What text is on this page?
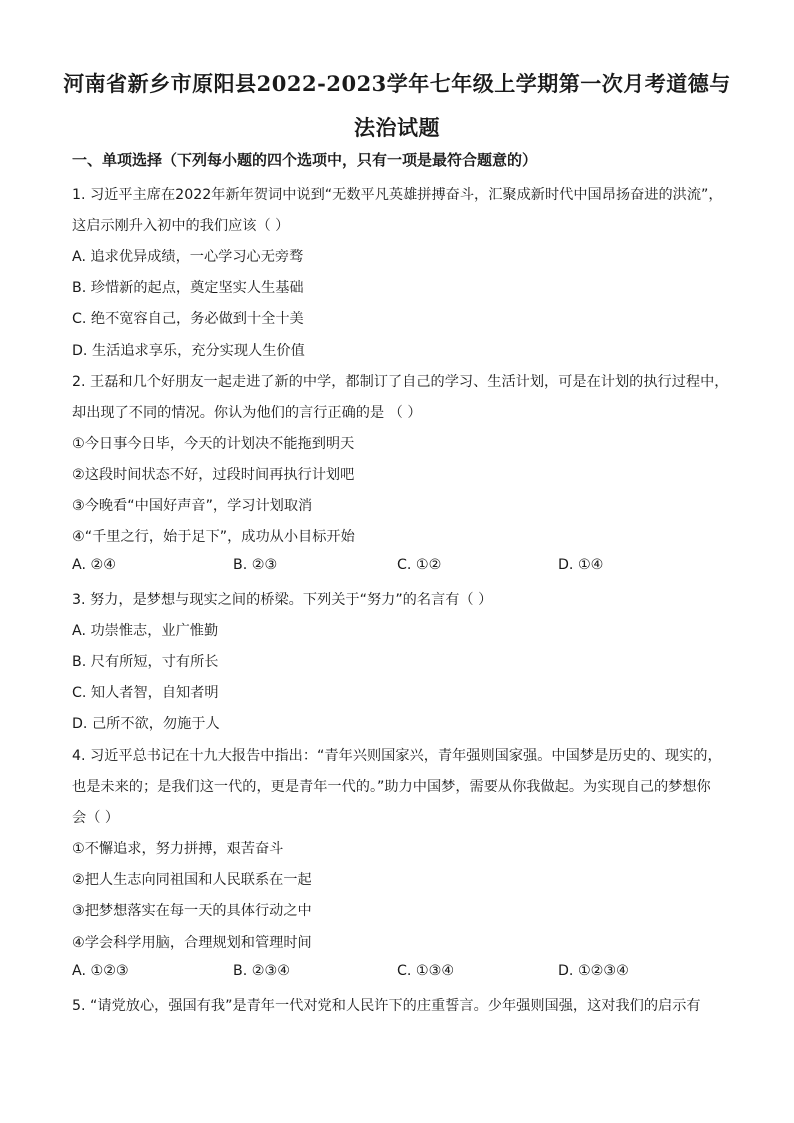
河南省新乡市原阳县2022-2023学年七年级上学期第一次月考道德与
法治试题
一、单项选择（下列每小题的四个选项中，只有一项是最符合题意的）
1. 习近平主席在2022年新年贺词中说到“无数平凡英雄拼搏奋斗，汇聚成新时代中国昂扬奋进的洪流”，
这启示刚升入初中的我们应该（ ）
A. 追求优异成绩，一心学习心无旁骛
B. 珍惜新的起点，奠定坚实人生基础
C. 绝不宽容自己，务必做到十全十美
D. 生活追求享乐，充分实现人生价值
2. 王磊和几个好朋友一起走进了新的中学，都制订了自己的学习、生活计划，可是在计划的执行过程中，
却出现了不同的情况。你认为他们的言行正确的是 （ ）
①今日事今日毕，今天的计划决不能拖到明天
②这段时间状态不好，过段时间再执行计划吧
③今晚看“中国好声音”，学习计划取消
④“千里之行，始于足下”，成功从小目标开始
A. ②④	B. ②③	C. ①②	D. ①④
3. 努力，是梦想与现实之间的桥梁。下列关于“努力”的名言有（ ）
A. 功崇惟志，业广惟勤
B. 尺有所短，寸有所长
C. 知人者智，自知者明
D. 己所不欲，勿施于人
4. 习近平总书记在十九大报告中指出：“青年兴则国家兴，青年强则国家强。中国梦是历史的、现实的，
也是未来的；是我们这一代的，更是青年一代的。”助力中国梦，需要从你我做起。为实现自己的梦想你
会（ ）
①不懈追求，努力拼搏，艰苦奋斗
②把人生志向同祖国和人民联系在一起
③把梦想落实在每一天的具体行动之中
④学会科学用脑，合理规划和管理时间
A. ①②③	B. ②③④	C. ①③④	D. ①②③④
5. “请党放心，强国有我”是青年一代对党和人民许下的庄重誓言。少年强则国强，这对我们的启示有
